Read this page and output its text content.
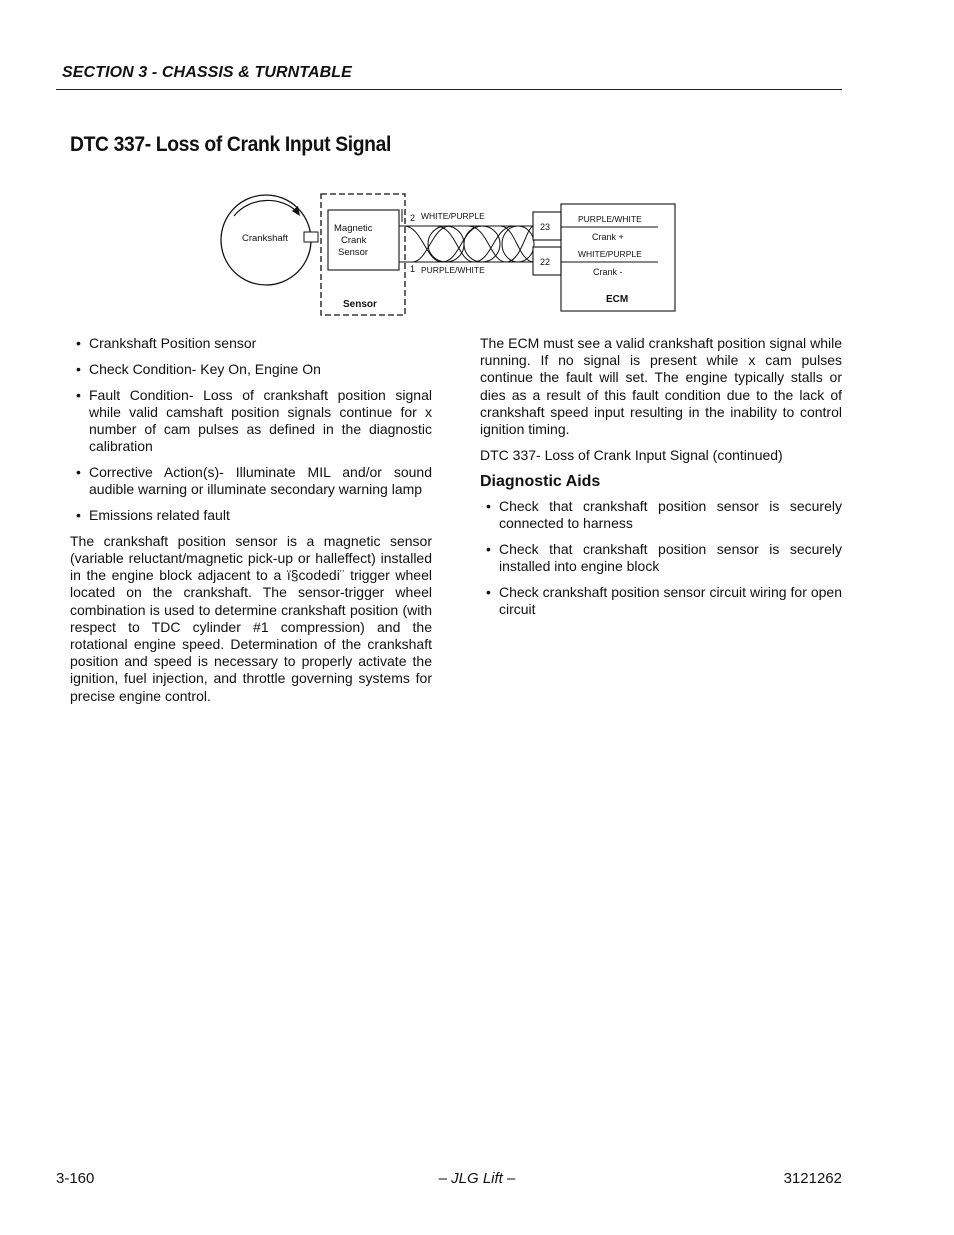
SECTION 3 - CHASSIS & TURNTABLE
DTC 337- Loss of Crank Input Signal
Crankshaft
Magnetic
Crank
Sensor
Sensor
2
1
WHITE/PURPLE
PURPLE/WHITE
23
22
PURPLE/WHITE
Crank +
WHITE/PURPLE
Crank -
ECM
• Crankshaft Position sensor
• Check Condition- Key On, Engine On
• Fault Condition- Loss of crankshaft position signal while valid camshaft position signals continue for x number of cam pulses as defined in the diagnostic calibration
• Corrective Action(s)- Illuminate MIL and/or sound audible warning or illuminate secondary warning lamp
• Emissions related fault

The crankshaft position sensor is a magnetic sensor (variable reluctant/magnetic pick-up or halleffect) installed in the engine block adjacent to a ï§codedi¨ trigger wheel located on the crankshaft. The sensor-trigger wheel combination is used to determine crankshaft position (with respect to TDC cylinder #1 compression) and the rotational engine speed. Determination of the crankshaft position and speed is necessary to properly activate the ignition, fuel injection, and throttle governing systems for precise engine control.

The ECM must see a valid crankshaft position signal while running. If no signal is present while x cam pulses continue the fault will set. The engine typically stalls or dies as a result of this fault condition due to the lack of crankshaft speed input resulting in the inability to control ignition timing.

DTC 337- Loss of Crank Input Signal (continued)

Diagnostic Aids
• Check that crankshaft position sensor is securely connected to harness
• Check that crankshaft position sensor is securely installed into engine block
• Check crankshaft position sensor circuit wiring for open circuit
3-160	– JLG Lift –	3121262
